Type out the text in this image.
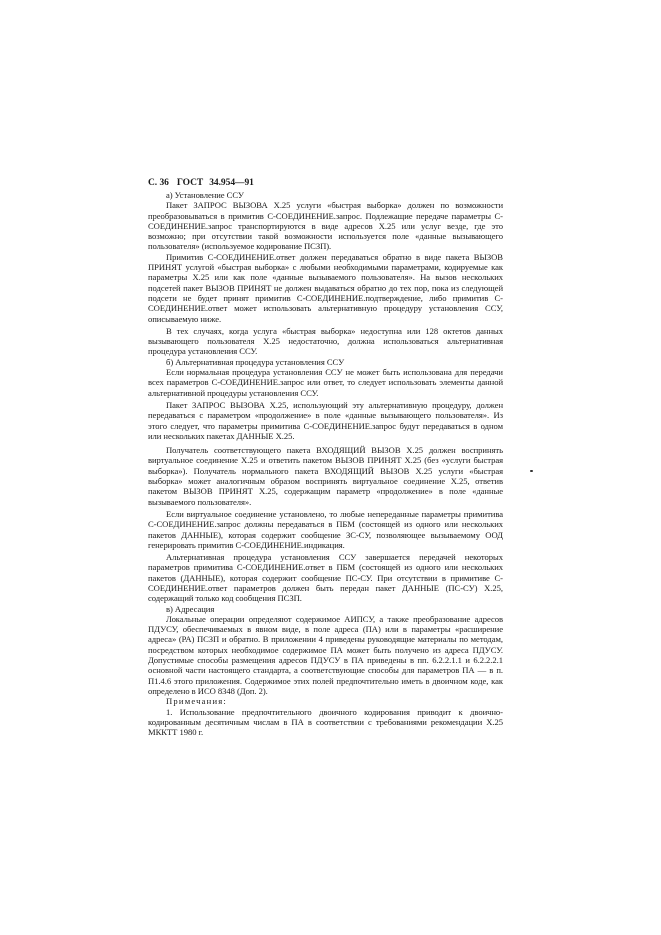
С. 36 ГОСТ 34.954—91

а) Установление ССУ

Пакет ЗАПРОС ВЫЗОВА X.25 услуги «быстрая выборка» должен по возможности преобразовываться в примитив С-СОЕДИНЕНИЕ.запрос. Подлежащие передаче параметры С-СОЕДИНЕНИЕ.запрос транспортируются в виде адресов X.25 или услуг везде, где это возможно; при отсутствии такой возможности используется поле «данные вызывающего пользователя» (используемое кодирование ПСЗП).

Примитив С-СОЕДИНЕНИЕ.ответ должен передаваться обратно в виде пакета ВЫЗОВ ПРИНЯТ услугой «быстрая выборка» с любыми необходимыми параметрами, кодируемые как параметры X.25 или как поле «данные вызываемого пользователя». На вызов нескольких подсетей пакет ВЫЗОВ ПРИНЯТ не должен выдаваться обратно до тех пор, пока из следующей подсети не будет принят примитив С-СОЕДИНЕНИЕ.подтверждение, либо примитив С-СОЕДИНЕНИЕ.ответ может использовать альтернативную процедуру установления ССУ, описываемую ниже.

В тех случаях, когда услуга «быстрая выборка» недоступна или 128 октетов данных вызывающего пользователя X.25 недостаточно, должна использоваться альтернативная процедура установления ССУ.

б) Альтернативная процедура установления ССУ

Если нормальная процедура установления ССУ не может быть использована для передачи всех параметров С-СОЕДИНЕНИЕ.запрос или ответ, то следует использовать элементы данной альтернативной процедуры установления ССУ.

Пакет ЗАПРОС ВЫЗОВА X.25, использующий эту альтернативную процедуру, должен передаваться с параметром «продолжение» в поле «данные вызывающего пользователя». Из этого следует, что параметры примитива С-СОЕДИНЕНИЕ.запрос будут передаваться в одном или нескольких пакетах ДАННЫЕ X.25.

Получатель соответствующего пакета ВХОДЯЩИЙ ВЫЗОВ X.25 должен воспринять виртуальное соединение X.25 и ответить пакетом ВЫЗОВ ПРИНЯТ X.25 (без «услуги быстрая выборка»). Получатель нормального пакета ВХОДЯЩИЙ ВЫЗОВ X.25 услуги «быстрая выборка» может аналогичным образом воспринять виртуальное соединение X.25, ответив пакетом ВЫЗОВ ПРИНЯТ X.25, содержащим параметр «продолжение» в поле «данные вызываемого пользователя».

Если виртуальное соединение установлено, то любые непереданные параметры примитива С-СОЕДИНЕНИЕ.запрос должны передаваться в ПБМ (состоящей из одного или нескольких пакетов ДАННЫЕ), которая содержит сообщение ЗС-СУ, позволяющее вызываемому ООД генерировать примитив С-СОЕДИНЕНИЕ.индикация.

Альтернативная процедура установления ССУ завершается передачей некоторых параметров примитива С-СОЕДИНЕНИЕ.ответ в ПБМ (состоящей из одного или нескольких пакетов (ДАННЫЕ), которая содержит сообщение ПС-СУ. При отсутствии в примитиве С-СОЕДИНЕНИЕ.ответ параметров должен быть передан пакет ДАННЫЕ (ПС-СУ) X.25, содержащий только код сообщения ПСЗП.

в) Адресация

Локальные операции определяют содержимое АИПСУ, а также преобразование адресов ПДУСУ, обеспечиваемых в явном виде, в поле адреса (ПА) или в параметры «расширение адреса» (РА) ПСЗП и обратно. В приложении 4 приведены руководящие материалы по методам, посредством которых необходимое содержимое ПА может быть получено из адреса ПДУСУ. Допустимые способы размещения адресов ПДУСУ в ПА приведены в пп. 6.2.2.1.1 и 6.2.2.2.1 основной части настоящего стандарта, а соответствующие способы для параметров ПА — в п. П1.4.6 этого приложения. Содержимое этих полей предпочтительно иметь в двоичном коде, как определено в ИСО 8348 (Доп. 2).

Примечания:

1. Использование предпочтительного двоичного кодирования приводит к двоично-кодированным десятичным числам в ПА в соответствии с требованиями рекомендации X.25 МККТТ 1980 г.
